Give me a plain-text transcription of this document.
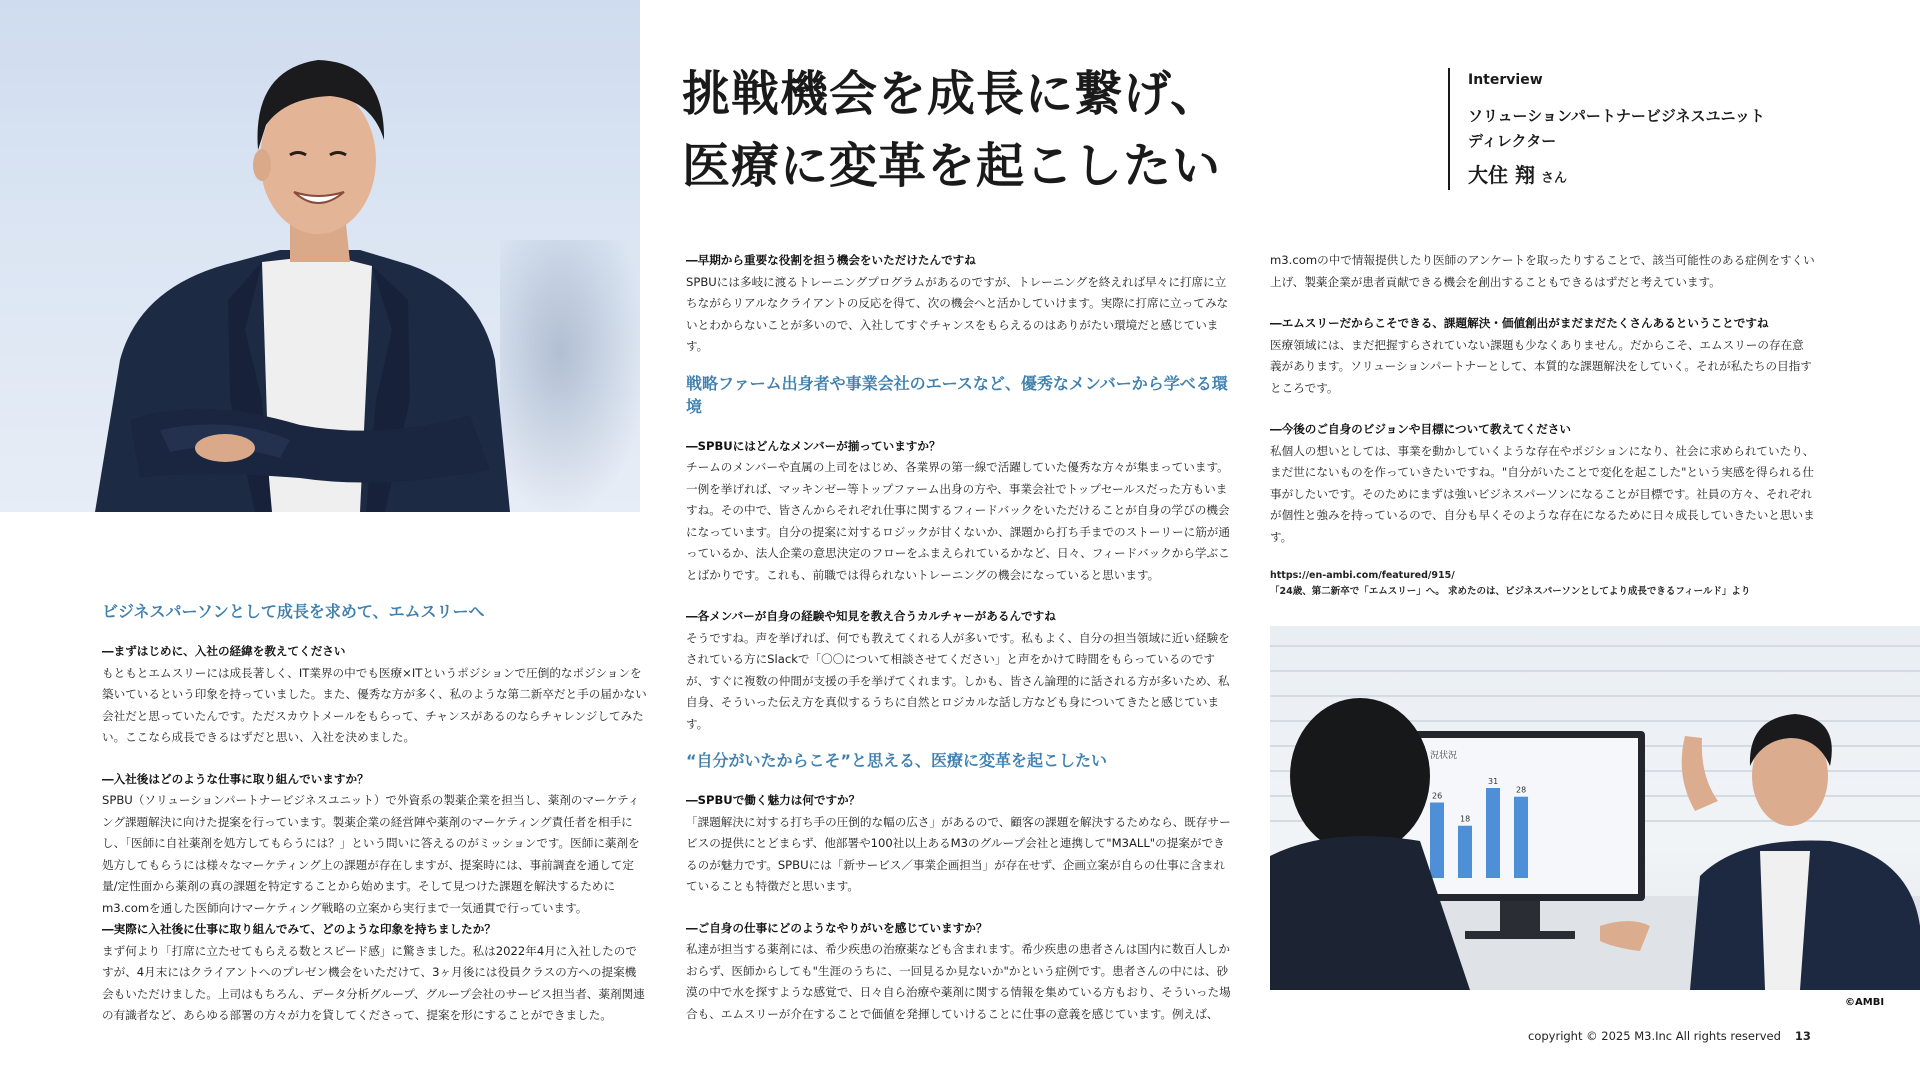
挑戦機会を成長に繋げ、
医療に変革を起こしたい
Interview
ソリューションパートナービジネスユニット
ディレクター
大住 翔 さん
ビジネスパーソンとして成長を求めて、エムスリーへ

―まずはじめに、入社の経緯を教えてください

もともとエムスリーには成長著しく、IT業界の中でも医療×ITというポジションで圧倒的なポジションを築いているという印象を持っていました。また、優秀な方が多く、私のような第二新卒だと手の届かない会社だと思っていたんです。ただスカウトメールをもらって、チャンスがあるのならチャレンジしてみたい。ここなら成長できるはずだと思い、入社を決めました。

―入社後はどのような仕事に取り組んでいますか？

SPBU（ソリューションパートナービジネスユニット）で外資系の製薬企業を担当し、薬剤のマーケティング課題解決に向けた提案を行っています。製薬企業の経営陣や薬剤のマーケティング責任者を相手にし、「医師に自社薬剤を処方してもらうには？」という問いに答えるのがミッションです。医師に薬剤を処方してもらうには様々なマーケティング上の課題が存在しますが、提案時には、事前調査を通して定量/定性面から薬剤の真の課題を特定することから始めます。そして見つけた課題を解決するためにm3.comを通した医師向けマーケティング戦略の立案から実行まで一気通貫で行っています。

―実際に入社後に仕事に取り組んでみて、どのような印象を持ちましたか？

まず何より「打席に立たせてもらえる数とスピード感」に驚きました。私は2022年4月に入社したのですが、4月末にはクライアントへのプレゼン機会をいただけて、3ヶ月後には役員クラスの方への提案機会もいただけました。上司はもちろん、データ分析グループ、グループ会社のサービス担当者、薬剤関連の有識者など、あらゆる部署の方々が力を貸してくださって、提案を形にすることができました。

―早期から重要な役割を担う機会をいただけたんですね

SPBUには多岐に渡るトレーニングプログラムがあるのですが、トレーニングを終えれば早々に打席に立ちながらリアルなクライアントの反応を得て、次の機会へと活かしていけます。実際に打席に立ってみないとわからないことが多いので、入社してすぐチャンスをもらえるのはありがたい環境だと感じています。

戦略ファーム出身者や事業会社のエースなど、優秀なメンバーから学べる環境

―SPBUにはどんなメンバーが揃っていますか？

チームのメンバーや直属の上司をはじめ、各業界の第一線で活躍していた優秀な方々が集まっています。一例を挙げれば、マッキンゼー等トップファーム出身の方や、事業会社でトップセールスだった方もいますね。その中で、皆さんからそれぞれ仕事に関するフィードバックをいただけることが自身の学びの機会になっています。自分の提案に対するロジックが甘くないか、課題から打ち手までのストーリーに筋が通っているか、法人企業の意思決定のフローをふまえられているかなど、日々、フィードバックから学ぶことばかりです。これも、前職では得られないトレーニングの機会になっていると思います。

―各メンバーが自身の経験や知見を教え合うカルチャーがあるんですね

そうですね。声を挙げれば、何でも教えてくれる人が多いです。私もよく、自分の担当領域に近い経験をされている方にSlackで「〇〇について相談させてください」と声をかけて時間をもらっているのですが、すぐに複数の仲間が支援の手を挙げてくれます。しかも、皆さん論理的に話される方が多いため、私自身、そういった伝え方を真似するうちに自然とロジカルな話し方なども身についてきたと感じています。

“自分がいたからこそ”と思える、医療に変革を起こしたい

―SPBUで働く魅力は何ですか？

「課題解決に対する打ち手の圧倒的な幅の広さ」があるので、顧客の課題を解決するためなら、既存サービスの提供にとどまらず、他部署や100社以上あるM3のグループ会社と連携して"M3ALL"の提案ができるのが魅力です。SPBUには「新サービス／事業企画担当」が存在せず、企画立案が自らの仕事に含まれていることも特徴だと思います。

―ご自身の仕事にどのようなやりがいを感じていますか？

私達が担当する薬剤には、希少疾患の治療薬なども含まれます。希少疾患の患者さんは国内に数百人しかおらず、医師からしても"生涯のうちに、一回見るか見ないか"かという症例です。患者さんの中には、砂漠の中で水を探すような感覚で、日々自ら治療や薬剤に関する情報を集めている方もおり、そういった場合も、エムスリーが介在することで価値を発揮していけることに仕事の意義を感じています。例えば、

m3.comの中で情報提供したり医師のアンケートを取ったりすることで、該当可能性のある症例をすくい上げ、製薬企業が患者貢献できる機会を創出することもできるはずだと考えています。

―エムスリーだからこそできる、課題解決・価値創出がまだまだたくさんあるということですね

医療領域には、まだ把握すらされていない課題も少なくありません。だからこそ、エムスリーの存在意義があります。ソリューションパートナーとして、本質的な課題解決をしていく。それが私たちの目指すところです。

―今後のご自身のビジョンや目標について教えてください

私個人の想いとしては、事業を動かしていくような存在やポジションになり、社会に求められていたり、まだ世にないものを作っていきたいですね。"自分がいたことで変化を起こした"という実感を得られる仕事がしたいです。そのためにまずは強いビジネスパーソンになることが目標です。社員の方々、それぞれが個性と強みを持っているので、自分も早くそのような存在になるために日々成長していきたいと思います。

https://en-ambi.com/featured/915/

「24歳、第二新卒で「エムスリー」へ。 求めたのは、ビジネスパーソンとしてより成長できるフィールド」より

況状況
26
18
31
28
©AMBI
copyright © 2025 M3.Inc All rights reserved 13
